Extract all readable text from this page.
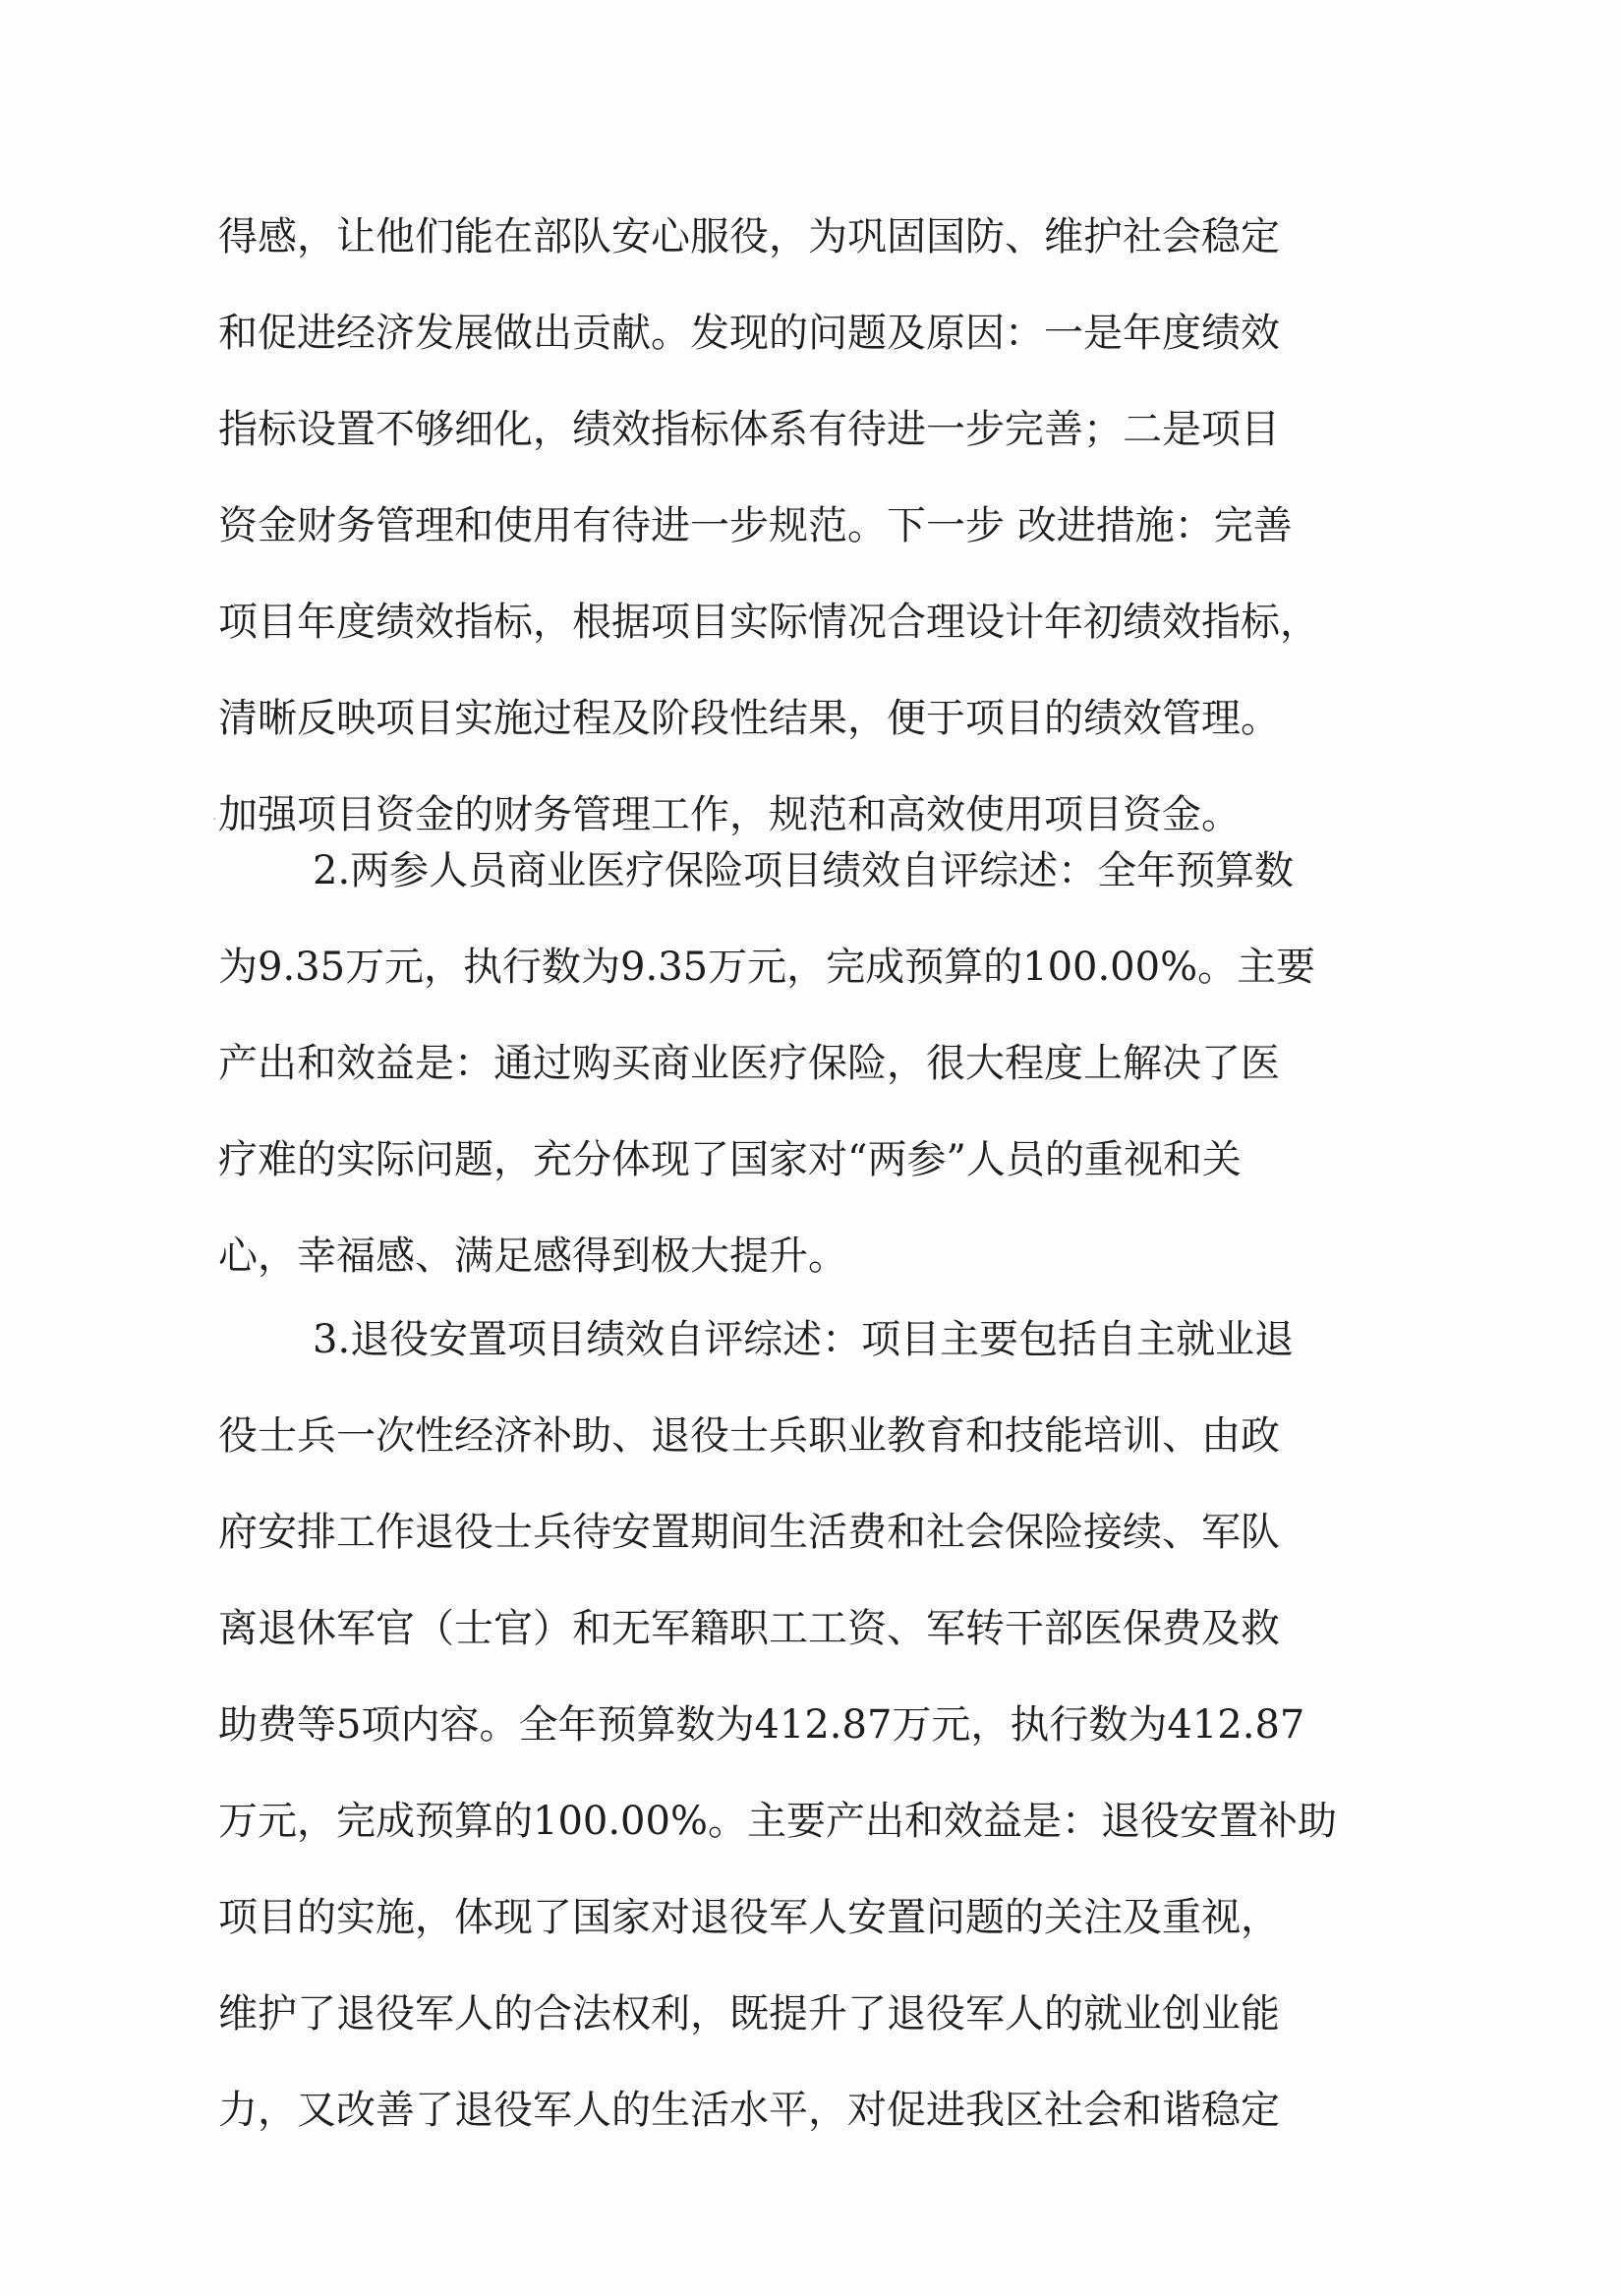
得感，让他们能在部队安心服役，为巩固国防、维护社会稳定
和促进经济发展做出贡献。发现的问题及原因：一是年度绩效
指标设置不够细化，绩效指标体系有待进一步完善；二是项目
资金财务管理和使用有待进一步规范。下一步 改进措施：完善
项目年度绩效指标，根据项目实际情况合理设计年初绩效指标，
清晰反映项目实施过程及阶段性结果，便于项目的绩效管理。
加强项目资金的财务管理工作，规范和高效使用项目资金。
2.两参人员商业医疗保险项目绩效自评综述：全年预算数
为9.35万元，执行数为9.35万元，完成预算的100.00%。主要
产出和效益是：通过购买商业医疗保险，很大程度上解决了医
疗难的实际问题，充分体现了国家对“两参”人员的重视和关
心，幸福感、满足感得到极大提升。
3.退役安置项目绩效自评综述：项目主要包括自主就业退
役士兵一次性经济补助、退役士兵职业教育和技能培训、由政
府安排工作退役士兵待安置期间生活费和社会保险接续、军队
离退休军官（士官）和无军籍职工工资、军转干部医保费及救
助费等5项内容。全年预算数为412.87万元，执行数为412.87
万元，完成预算的100.00%。主要产出和效益是：退役安置补助
项目的实施，体现了国家对退役军人安置问题的关注及重视，
维护了退役军人的合法权利，既提升了退役军人的就业创业能
力，又改善了退役军人的生活水平，对促进我区社会和谐稳定
